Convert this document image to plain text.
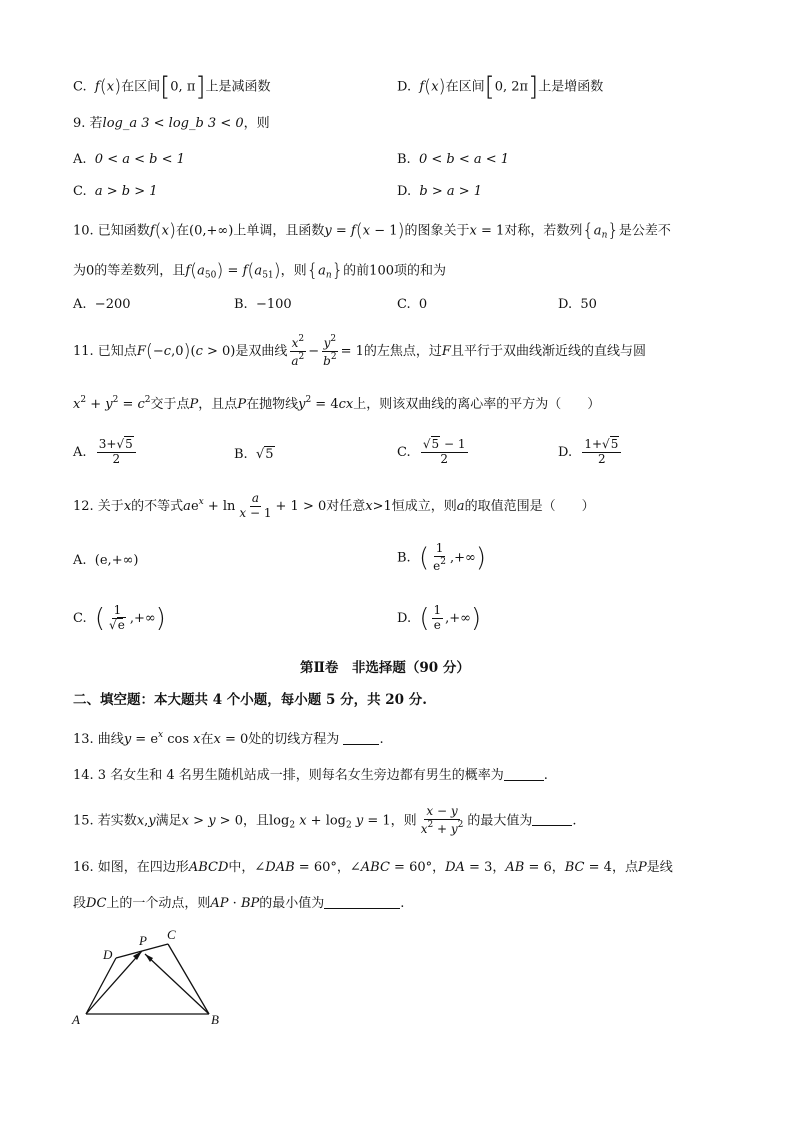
C. f(x)在区间[0, π]上是减函数	D. f(x)在区间[0, 2π]上是增函数
9. 若log_a 3 < log_b 3 < 0，则
A. 0 < a < b < 1	B. 0 < b < a < 1
C. a > b > 1	D. b > a > 1
10. 已知函数f(x)在(0,+∞)上单调，且函数y = f(x − 1)的图象关于x = 1对称，若数列$\{a_n\}$是公差不
为0的等差数列，且$f(a_{50}) = f(a_{51})$，则$\{a_n\}$的前100项的和为
A. −200	B. −100	C. 0	D. 50
11. 已知点F(−c,0)(c > 0)是双曲线 $\frac{x^2}{a^2} - \frac{y^2}{b^2} = 1$的左焦点，过F且平行于双曲线渐近线的直线与圆
$x^2 + y^2 = c^2$交于点P，且点P在抛物线$y^2 = 4cx$上，则该双曲线的离心率的平方为（　　）
A. $\frac{3+√5}{2}$	B.  √5	C. $\frac{√5 - 1}{2}$	D. $\frac{1+√5}{2}$
12. 关于x的不等式$ae^x + \ln \frac{a}{x - 1} + 1 > 0$对任意x>1恒成立，则a的取值范围是（　　）
A. (e,+∞)	B. ( $\frac{1}{e^2}$ ,+∞)
C. ( $\frac{1}{√e}$ ,+∞)	D. ( $\frac{1}{e}$ ,+∞)
第Ⅱ卷　非选择题（90 分）
二、填空题：本大题共 4 个小题，每小题 5 分，共 20 分.
13. 曲线$y = e^x$ cos x在x = 0处的切线方程为	.
14. 3 名女生和 4 名男生随机站成一排，则每名女生旁边都有男生的概率为	.
15. 若实数x,y满足x > y > 0，且$\log_2 x + \log_2 y = 1$，则 $\frac{x - y}{x^2 + y^2}$ 的最大值为	.
16. 如图，在四边形ABCD中，∠DAB = 60°，∠ABC = 60°，DA = 3，AB = 6，BC = 4，点P是线
段DC上的一个动点，则AP · BP的最小值为	.
A	B
C
D
P
